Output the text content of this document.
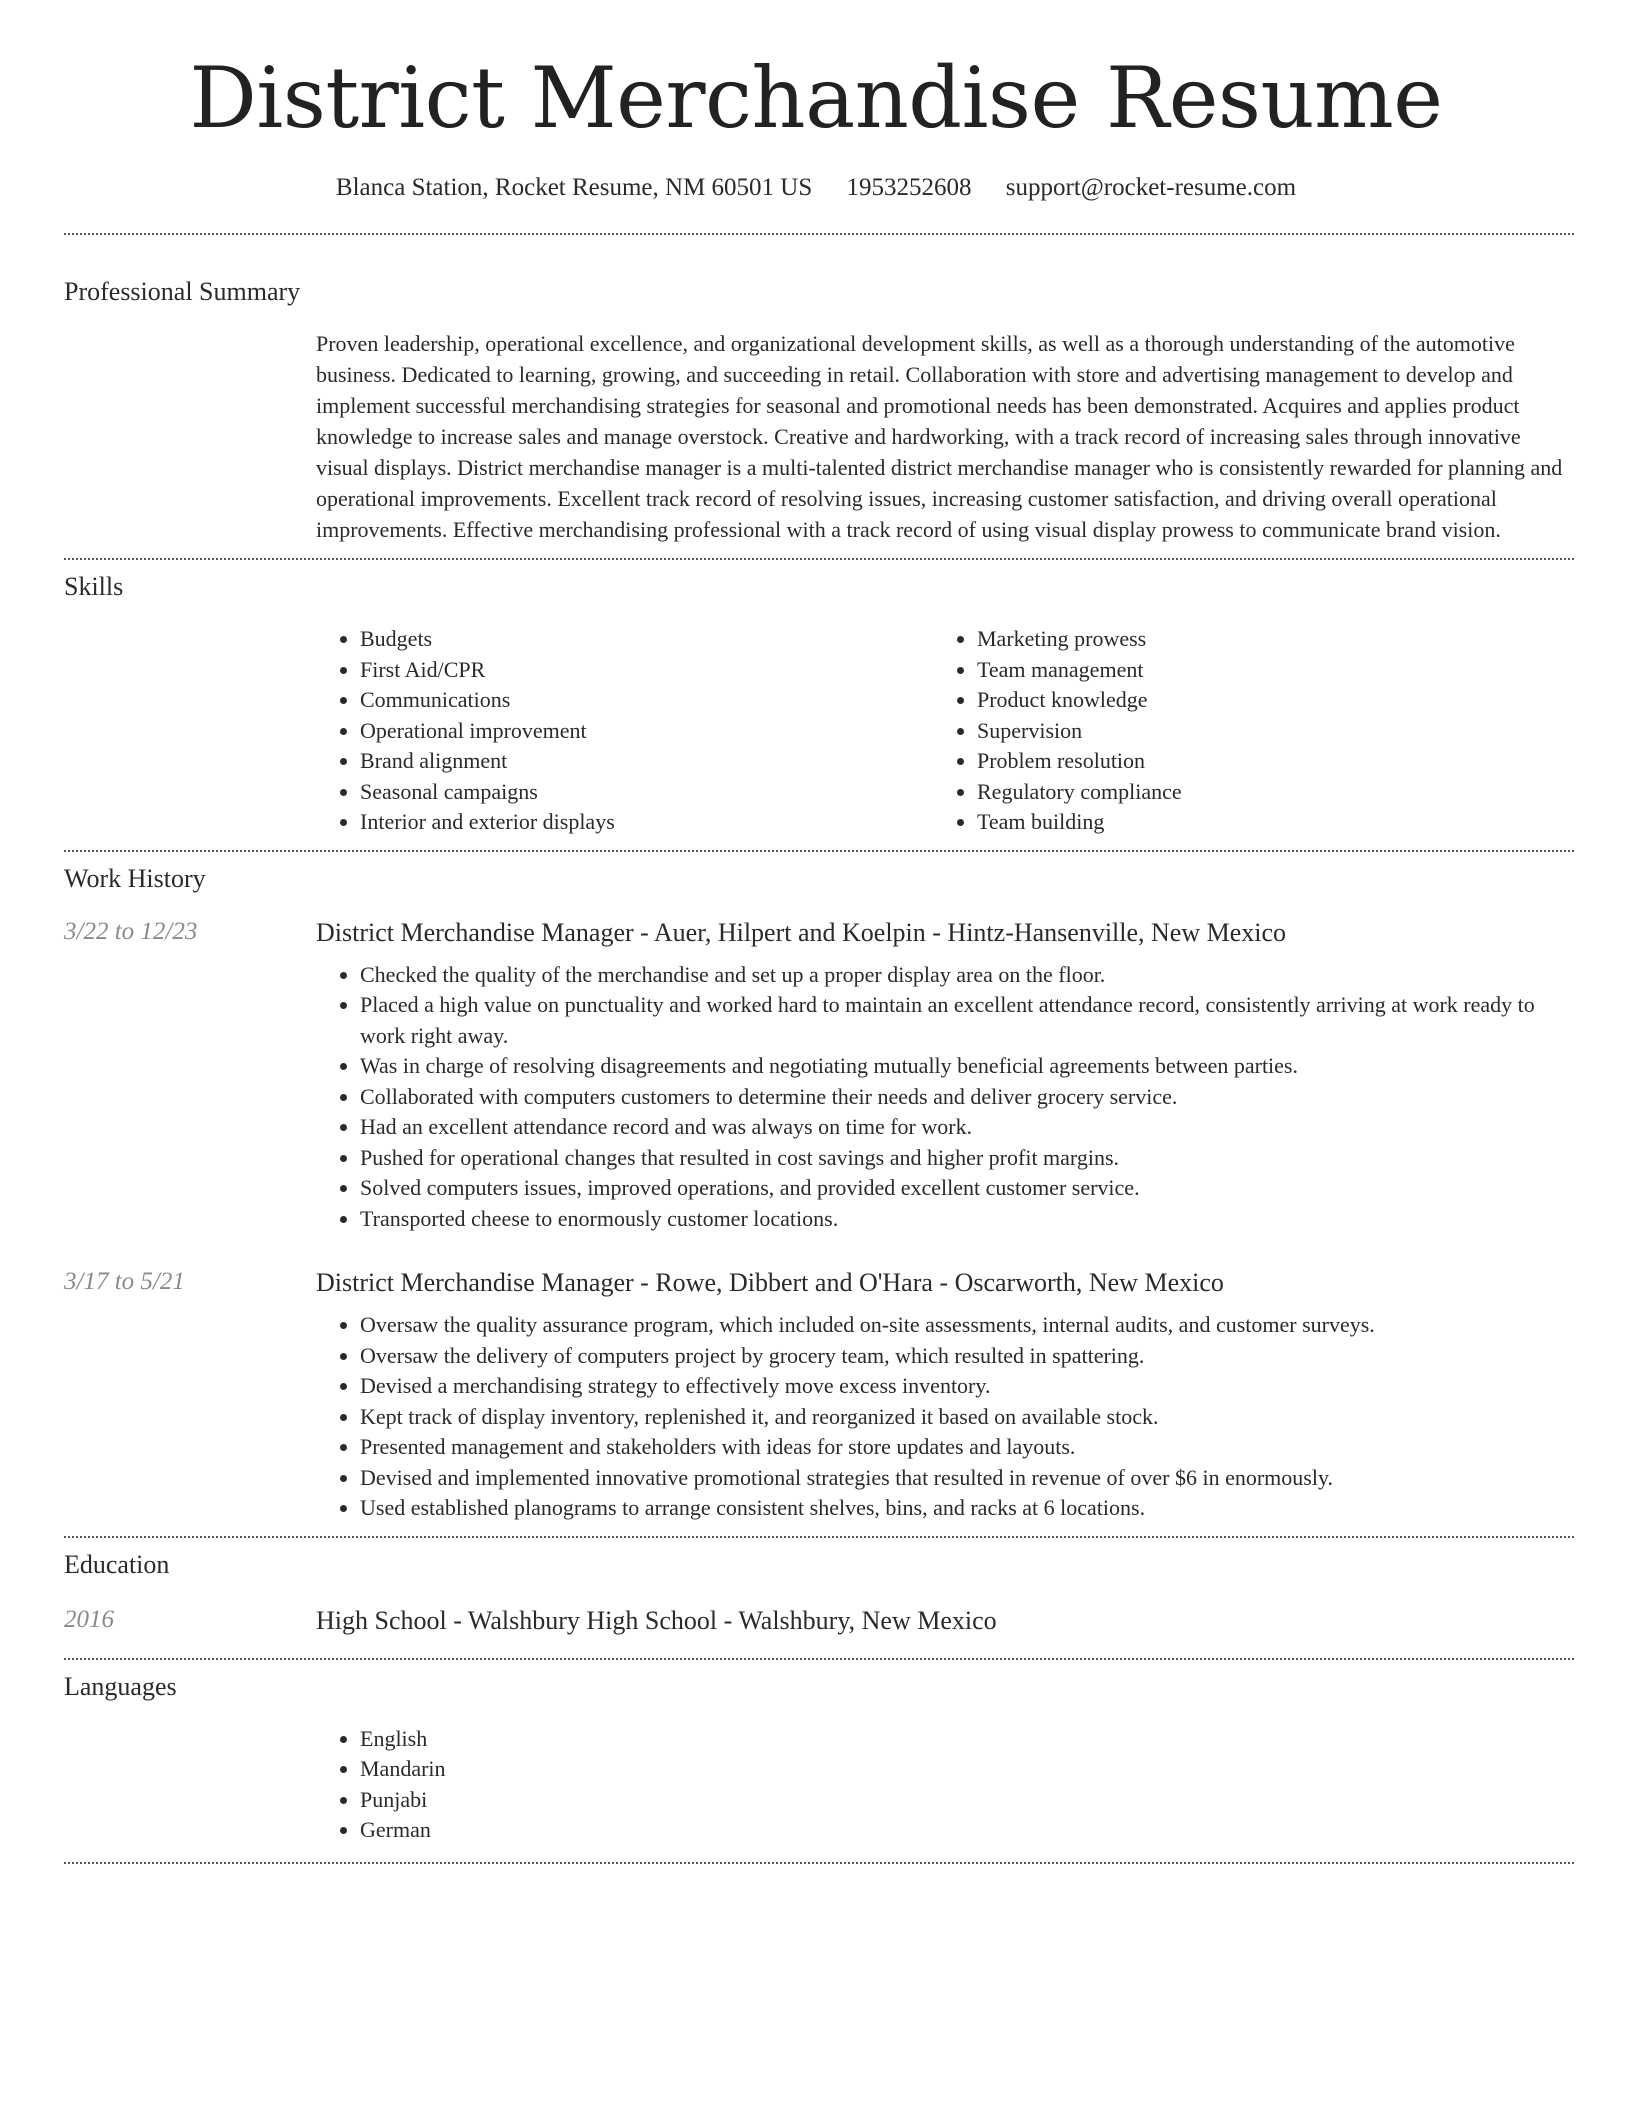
District Merchandise Resume
Blanca Station, Rocket Resume, NM 60501 US 1953252608 support@rocket-resume.com
Professional Summary
Proven leadership, operational excellence, and organizational development skills, as well as a thorough understanding of the automotive business. Dedicated to learning, growing, and succeeding in retail. Collaboration with store and advertising management to develop and implement successful merchandising strategies for seasonal and promotional needs has been demonstrated. Acquires and applies product knowledge to increase sales and manage overstock. Creative and hardworking, with a track record of increasing sales through innovative visual displays. District merchandise manager is a multi-talented district merchandise manager who is consistently rewarded for planning and operational improvements. Excellent track record of resolving issues, increasing customer satisfaction, and driving overall operational improvements. Effective merchandising professional with a track record of using visual display prowess to communicate brand vision.
Skills
• Budgets
• First Aid/CPR
• Communications
• Operational improvement
• Brand alignment
• Seasonal campaigns
• Interior and exterior displays
• Marketing prowess
• Team management
• Product knowledge
• Supervision
• Problem resolution
• Regulatory compliance
• Team building
Work History
3/22 to 12/23	District Merchandise Manager - Auer, Hilpert and Koelpin - Hintz-Hansenville, New Mexico
• Checked the quality of the merchandise and set up a proper display area on the floor.
• Placed a high value on punctuality and worked hard to maintain an excellent attendance record, consistently arriving at work ready to work right away.
• Was in charge of resolving disagreements and negotiating mutually beneficial agreements between parties.
• Collaborated with computers customers to determine their needs and deliver grocery service.
• Had an excellent attendance record and was always on time for work.
• Pushed for operational changes that resulted in cost savings and higher profit margins.
• Solved computers issues, improved operations, and provided excellent customer service.
• Transported cheese to enormously customer locations.
3/17 to 5/21	District Merchandise Manager - Rowe, Dibbert and O'Hara - Oscarworth, New Mexico
• Oversaw the quality assurance program, which included on-site assessments, internal audits, and customer surveys.
• Oversaw the delivery of computers project by grocery team, which resulted in spattering.
• Devised a merchandising strategy to effectively move excess inventory.
• Kept track of display inventory, replenished it, and reorganized it based on available stock.
• Presented management and stakeholders with ideas for store updates and layouts.
• Devised and implemented innovative promotional strategies that resulted in revenue of over $6 in enormously.
• Used established planograms to arrange consistent shelves, bins, and racks at 6 locations.
Education
2016	High School - Walshbury High School - Walshbury, New Mexico
Languages
• English
• Mandarin
• Punjabi
• German
